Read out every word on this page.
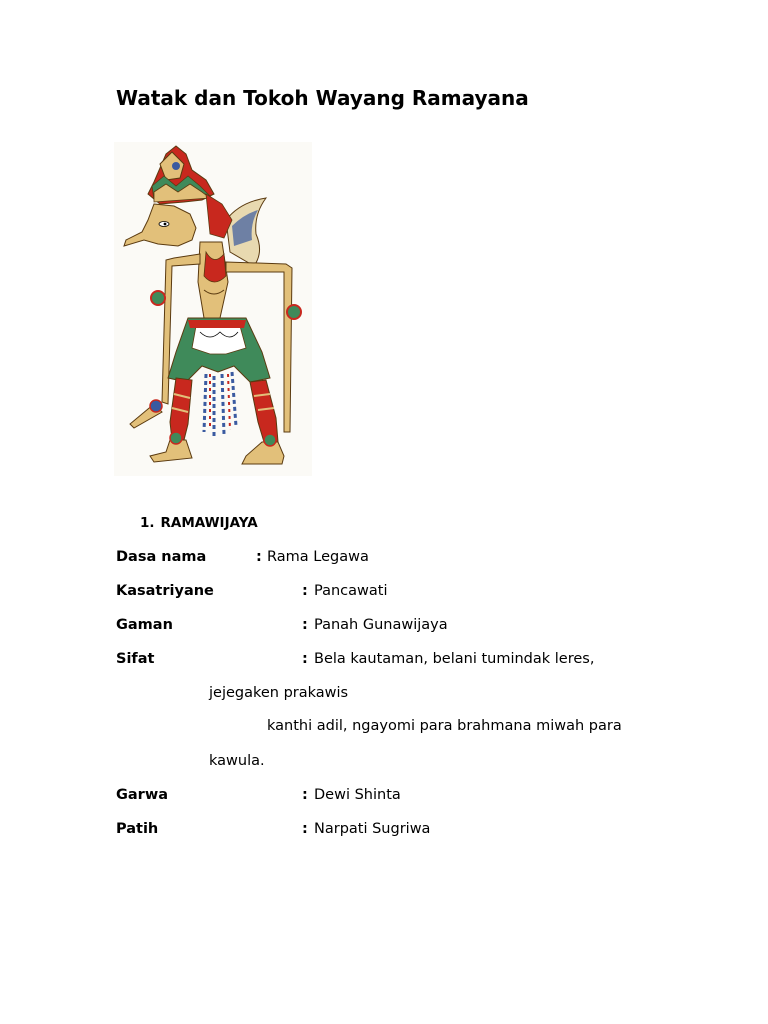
Watak dan Tokoh Wayang Ramayana
1. RAMAWIJAYA
Dasa nama	: Rama Legawa
Kasatriyane	: Pancawati
Gaman	: Panah Gunawijaya
Sifat	: Bela kautaman, belani tumindak leres,
jejegaken prakawis
kanthi adil, ngayomi para brahmana miwah para
kawula.
Garwa	: Dewi Shinta
Patih	: Narpati Sugriwa
